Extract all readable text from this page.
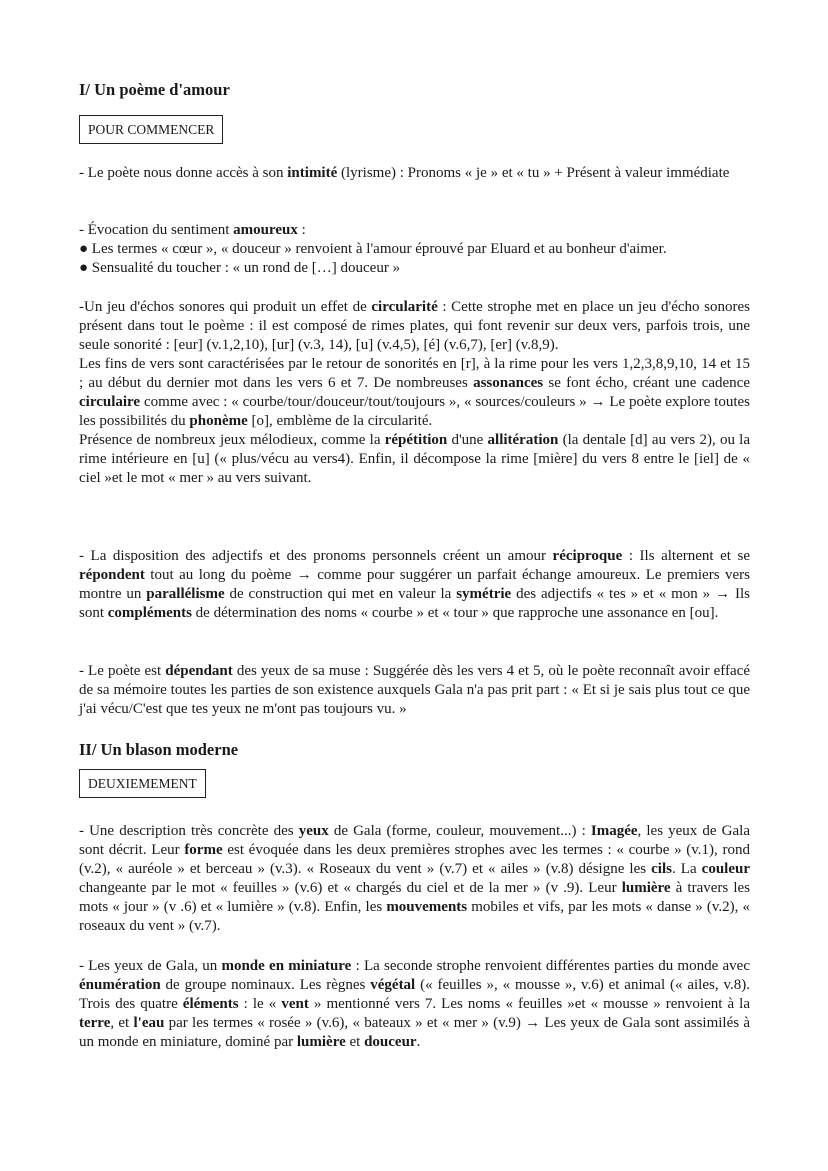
I/ Un poème d'amour
POUR COMMENCER
- Le poète nous donne accès à son intimité (lyrisme) : Pronoms « je » et « tu » + Présent à valeur immédiate

- Évocation du sentiment amoureux :

● Les termes « cœur », « douceur » renvoient à l'amour éprouvé par Eluard et au bonheur d'aimer.

● Sensualité du toucher : « un rond de […] douceur »

-Un jeu d'échos sonores qui produit un effet de circularité : Cette strophe met en place un jeu d'écho sonores présent dans tout le poème : il est composé de rimes plates, qui font revenir sur deux vers, parfois trois, une seule sonorité : [eur] (v.1,2,10), [ur] (v.3, 14), [u] (v.4,5), [é] (v.6,7), [er] (v.8,9).

Les fins de vers sont caractérisées par le retour de sonorités en [r], à la rime pour les vers 1,2,3,8,9,10, 14 et 15 ; au début du dernier mot dans les vers 6 et 7. De nombreuses assonances se font écho, créant une cadence circulaire comme avec : « courbe/tour/douceur/tout/toujours », « sources/couleurs » → Le poète explore toutes les possibilités du phonème [o], emblème de la circularité.

Présence de nombreux jeux mélodieux, comme la répétition d'une allitération (la dentale [d] au vers 2), ou la rime intérieure en [u] (« plus/vécu au vers4). Enfin, il décompose la rime [mière] du vers 8 entre le [iel] de « ciel »et le mot « mer » au vers suivant.

- La disposition des adjectifs et des pronoms personnels créent un amour réciproque : Ils alternent et se répondent tout au long du poème → comme pour suggérer un parfait échange amoureux. Le premiers vers montre un parallélisme de construction qui met en valeur la symétrie des adjectifs « tes » et « mon » → Ils sont compléments de détermination des noms « courbe » et « tour » que rapproche une assonance en [ou].
- Le poète est dépendant des yeux de sa muse : Suggérée dès les vers 4 et 5, où le poète reconnaît avoir effacé de sa mémoire toutes les parties de son existence auxquels Gala n'a pas prit part : « Et si je sais plus tout ce que j'ai vécu/C'est que tes yeux ne m'ont pas toujours vu. »
II/ Un blason moderne
DEUXIEMEMENT
- Une description très concrète des yeux de Gala (forme, couleur, mouvement...) : Imagée, les yeux de Gala sont décrit. Leur forme est évoquée dans les deux premières strophes avec les termes : « courbe » (v.1), rond (v.2), « auréole » et berceau » (v.3). « Roseaux du vent » (v.7) et « ailes » (v.8) désigne les cils. La couleur changeante par le mot « feuilles » (v.6) et « chargés du ciel et de la mer » (v .9). Leur lumière à travers les mots « jour » (v .6) et « lumière » (v.8). Enfin, les mouvements mobiles et vifs, par les mots « danse » (v.2), « roseaux du vent » (v.7).
- Les yeux de Gala, un monde en miniature : La seconde strophe renvoient différentes parties du monde avec énumération de groupe nominaux. Les règnes végétal (« feuilles », « mousse », v.6) et animal (« ailes, v.8). Trois des quatre éléments : le « vent » mentionné vers 7. Les noms « feuilles »et « mousse » renvoient à la terre, et l'eau par les termes « rosée » (v.6), « bateaux » et « mer » (v.9) → Les yeux de Gala sont assimilés à un monde en miniature, dominé par lumière et douceur.
